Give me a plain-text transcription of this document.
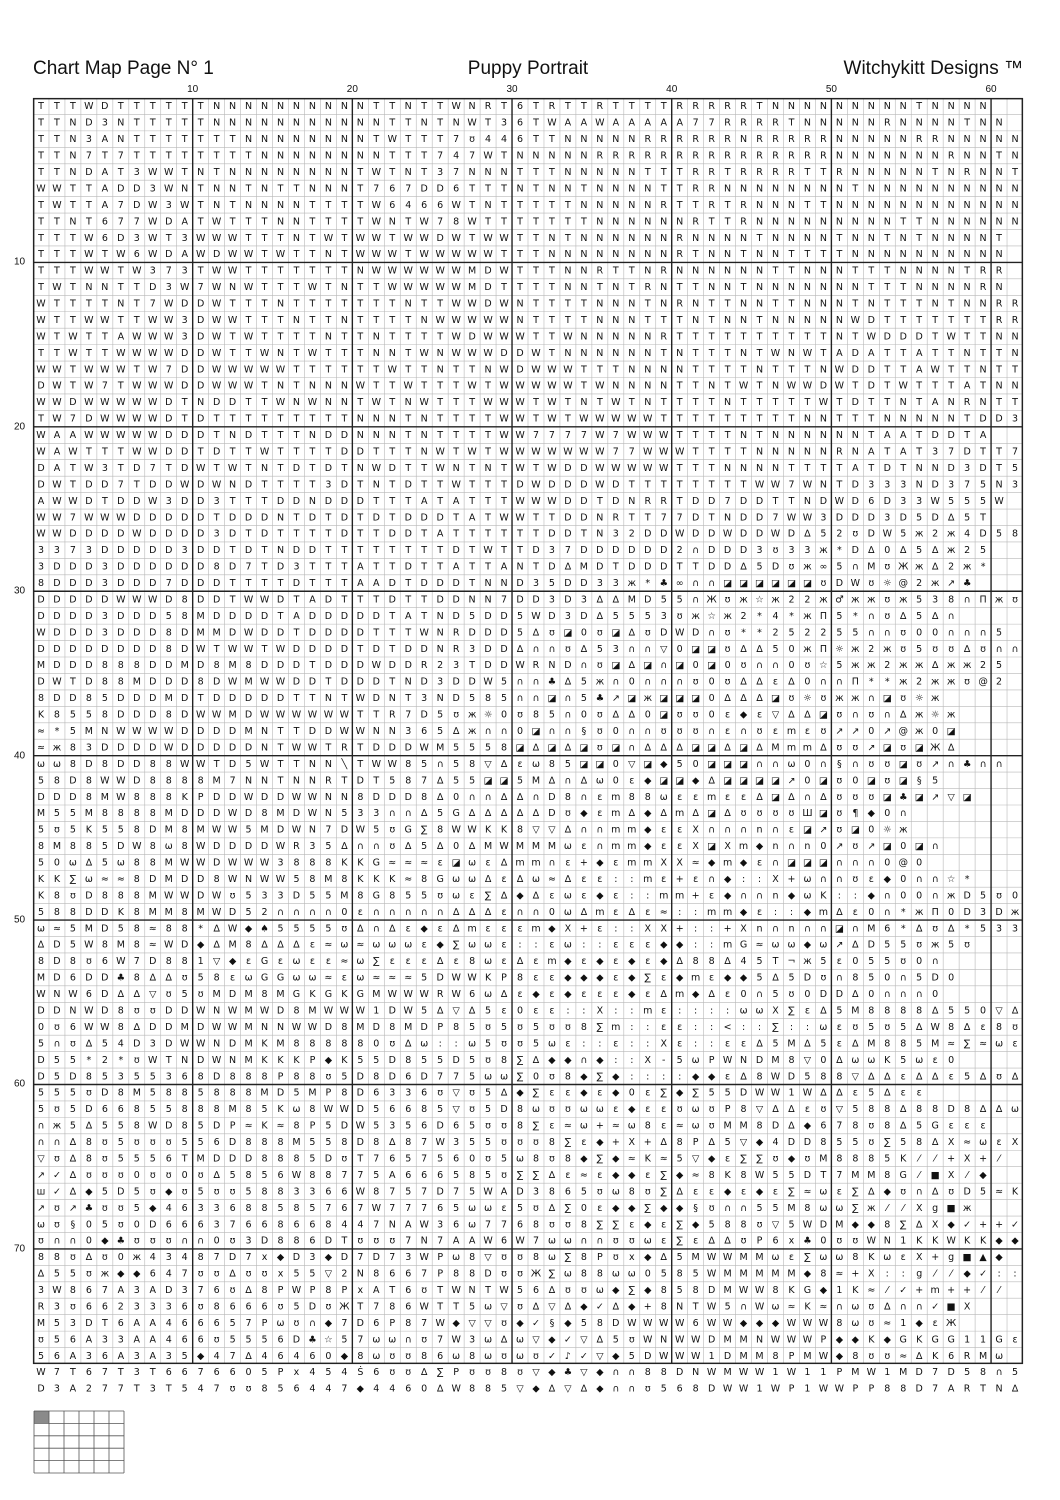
Chart Map Page N° 1	Puppy Portrait	Witchykitt Designs ™
10	20	30	40	50	60
10
20
30
40
50
60
70
T T T W D T T T T T T N N N N N N N N N N T T N T T W N R T 6 T R T T R T T T T R R R R R T N N N N N N N N N T N N N N
T T N D 3 N T T T T T N N N N N N N N N N N T T N T N W T 3 6 T W A A W A A A A A 7 7 R R R R T N N N N N R N N N N T N N
T T N 3 A N T T T T T T T N N N N N N N N T W T T T 7 ʊ 4 4 6 T T N N N N N R R R R R R N R R R R R N N N N N R R N N N N N
T T N 7 T 7 T T T T T T T T N N N N N N N N T T T 7 4 7 W T N N N N N R R R R R R R R R R R R R R R N N N N N N N R N N T N
T T N D A T 3 W W T N T N N N N N N N N T W T N T 3 7 N N N T T T N N N N N T T T R R T R R R R T T R N N N N N T N R N N T
W W T T A D D 3 W N T N N T N T T N N N T 7 6 7 D D 6 T T T N T N N T N N N N T T R R N N N N N N N N T N N N N N N N N N N
T W T T A 7 D W 3 W T N T N N N N T T T T W 6 4 6 6 W T N T T T T T N N N N N R T T R T R N N N T T N N N N N N N N N N N N
T T N T 6 7 7 W D A T W T T T N N T T T T W N T W 7 8 W T T T T T T T N N N N N N R T T R N N N N N N N N N T T N N N N N N
T T T W 6 D 3 W T 3 W W W T T T N T W T W W T W W D W T W W T T N T N N N N N N R N N N N T N N N N T N N T N T N N N N T
T T T W T W 6 W D A W D W W T W T T N T W W W T W W W W W T T T N N N N N N N N R T N N T N N T T T T N N N N N N N N N N
T T T W W T W 3 7 3 T W W T T T T T T T N W W W W W W M D W T T T N N R T T N R N N N N N N T T N N N T T T N N N N T R R
T W T N N T T D 3 W 7 W N W T T T W T N T T W W W W W M D T T T T N N T N T R N T T N N T N N N N N N N T T T N N N N R N
W T T T T N T 7 W D D W T T T N T T T T T T T N T T W W D W N T T T T N N N T N R N T T N N T T N N N T N T T T N T N N R R
W T T W W T T W W 3 D W W T T T N T T N T T T T N W W W W W N T T T T N N N T T T N T N N T N N N N N W D T T T T T T T R R
W T W T T A W W W 3 D W T W T T T T N T T N T T T T W D W W W T T W N N N N N R T T T T T T T T T T N T W D D D T W T T N N
T T W T T W W W W D D W T T W N T W T T T N N T W N W W W D D W T N N N N N N T N T T T N T W N W T A D A T T A T T N T T N
W W T W W W T W 7 D D W W W W W T T T T T T W T T N T T N W D W W W T T T N N N N T T T T N T T T N W D D T T A W T T N T T
D W T W 7 T W W W D D W W W T N T N N N W T T W T T T W T W W W W W T W N N N N T T N T W T N W W D W T D T W T T T A T N N
W W D W W W W W D T N D D T T W N W N N T W T N W T T T W W W T W T N T W T N T T T T N T T T T T W T D T T N T A N R N T T
T W 7 D W W W W D T D T T T T T T T T T N N N T N T T T T W W T W T W W W W W T T T T T T T T T N N T T T N N N N N T D D 3
W A A W W W W W D D D T N D T T T N D D N N N T N T T T T W W 7 7 7 7 W 7 W W W T T T T N T N N N N N N T A A T D D T A
W A W T T T W W D D T D T T W T T T T D D T T T N W T W T W W W W W W W 7 7 W W W T T T T N N N N N R N A T A T 3 7 D T T 7
D A T W 3 T D 7 T D W T W T N T D T D T N W D T T W N T N T W T W D D W W W W W T T T N N N N T T T T A T D T N N D 3 D T 5
D W T D D 7 T D D W D W N D T T T T 3 D T N T D T T W T T T D W D D D W D T T T T T T T T W W 7 W N T D 3 3 3 N D 3 7 5 N 3
A W W D T D D W 3 D D 3 T T T D D N D D D T T T A T A T T T W W W D D T D N R R T D D 7 D D T T N D W D 6 D 3 3 W 5 5 5 W
W W 7 W W W D D D D D T D D D N T D T D T D T D D D T A T W W T T D D N R T T 7 7 D T N D D 7 W W 3 D D D 3 D 5 D ∆ 5 T
W W D D D D W D D D D 3 D T D T T T T D T T D D T A T T T T T T D D T N 3 2 D D W D D W D D W D ∆ 5 2 ʊ D W 5 ж 2 ж 4 D 5 8
3 3 7 3 D D D D D 3 D D T D T N D D T T T T T T T T D T W T T D 3 7 D D D D D D 2 ∩ D D D 3 ʊ 3 3 ж * D ∆ 0 ∆ 5 ∆ ж 2 5
3 D D D 3 D D D D D D 8 D 7 T D 3 T T T A T T D T T A T T A N T D ∆ M D T D D D T T D D ∆ 5 D ʊ ж ∞ 5 ∩ M ʊ Ж ж ∆ 2 ж *
8 D D D 3 D D D 7 D D D T T T T D T T T A A D T D D D T N N D 3 5 D D 3 3 ж * ♣ ∞ ∩ ∩ ◪ ◪ ◪ ◪ ◪ ◪ ʊ D W ʊ ☼ @ 2 ж ↗ ♣
D D D D D W W W D 8 D D T W W D T A D T T T D T T D D N N 7 D D 3 D 3 ∆ ∆ M D 5 5 ∩ Ж ʊ ж ☆ ж 2 2 ж ♂ ж ж ʊ ж 5 3 8 ∩ П ж ʊ
D D D D 3 D D D 5 8 M D D D D T A D D D D D T A T N D 5 D D 5 W D 3 D ∆ 5 5 5 3 ʊ ж ☆ ж 2 * 4 * ж П 5 * ∩ ʊ ∆ 5 ∆ ∩
W D D D 3 D D D 8 D M M D W D D T D D D D T T T W N R D D D 5 ∆ ʊ ◪ 0 ʊ ◪ ∆ ʊ D W D ∩ ʊ * * 2 5 2 2 5 5 ∩ ∩ ʊ 0 0 ∩ ∩ ∩ 5
D D D D D D D D 8 D W T W W T W D D D D T D T D D N R 3 D D ∆ ∩ ∩ ʊ ∆ 5 3 ∩ ∩ ▽ 0 ◪ ◪ ʊ ∆ ∆ 5 0 ж П ☼ ж 2 ж ʊ 5 ʊ ʊ ∆ ʊ ∩ ∩
M D D D 8 8 8 D D M D 8 M 8 D D D T D D D W D D R 2 3 T D D W R N D ∩ ʊ ◪ ∆ ◪ ∩ ◪ 0 ◪ 0 ʊ ∩ ∩ 0 ʊ ☆ 5 ж ж 2 ж ж ∆ ж ж 2 5
D W T D 8 8 M D D D 8 D W M W W D D T D D D T N D 3 D D W 5 ∩ ∩ ♣ ∆ 5 ж ∩ 0 ∩ ∩ ∩ ʊ 0 ʊ ∆ ∆ ε ∆ 0 ∩ ∩ П * * ж 2 ж ж ʊ @ 2
8 D D 8 5 D D D M D T D D D D D T T N T W D N T 3 N D 5 8 5 ∩ ∩ ◪ ∩ 5 ♣ ↗ ◪ ж ◪ ◪ ◪ 0 ∆ ∆ ∆ ◪ ʊ ☼ ʊ ж ж ∩ ◪ ʊ ☼ ж
K 8 5 5 8 D D D 8 D W W M D W W W W W W T T R 7 D 5 ʊ ж ☼ 0 ʊ 8 5 ∩ 0 ʊ ∆ ∆ 0 ◪ ʊ ʊ 0 ε ◆ ε ▽ ∆ ∆ ◪ ʊ ∩ ʊ ∩ ∆ ж ☼ ж
≈ * 5 M N W W W W D D D D M N T T D D W W N N 3 6 5 ∆ ж ∩ ∩ 0 ◪ ∩ ∩ § ʊ 0 ∩ ∩ ʊ ʊ ʊ ∩ ε ∩ ʊ ε m ε ʊ ↗ ↗ 0 ↗ @ ж 0 ◪
≈ ж 8 3 D D D D W D D D D D N T W W T R T D D D W M 5 5 5 8 ◪ ∆ ◪ ∆ ◪ ʊ ◪ ∩ ∆ ∆ ∆ ◪ ◪ ∆ ◪ ∆ M m m ∆ ʊ ʊ ↗ ◪ ʊ ◪ Ж ∆
ω ω 8 D 8 D D 8 8 W W T D 5 W T T N N ╲ T W W 8 5 ∩ 5 8 ▽ ∆ ε ω 8 5 ◪ ◪ 0 ▽ ◪ ◆ 5 0 ◪ ◪ ◪ ∩ ∩ ω 0 ∩ § ∩ ʊ ʊ ◪ ʊ ↗ ∩ ♣ ∩ ∩
5 8 D 8 W W D 8 8 8 8 M 7 N N T N N R T D T 5 8 7 ∆ 5 5 ◪ ◪ 5 M ∆ ∩ ∆ ω 0 ε ◆ ◪ ◪ ◆ ∆ ◪ ◪ ◪ ◪ ↗ 0 ◪ ʊ 0 ◪ ʊ ◪ § 5
D D D 8 M W 8 8 8 K P D D W D D W W N N 8 D D D 8 ∆ 0 ∩ ∩ ∆ ∆ ∩ D 8 ∩ ε m 8 8 ω ε ε m ε ε ∆ ◪ ∆ ∩ ∆ ʊ ʊ ʊ ◪ ♣ ◪ ↗ ▽ ◪
M 5 5 M 8 8 8 8 M D D D W D 8 M D W N 5 3 3 ∩ ∩ ∆ 5 G ∆ ∆ ∆ ∆ ∆ D ʊ ◆ ε m ∆ ◆ ∆ m ∆ ◪ ∆ ʊ ʊ ʊ ʊ Ш ◪ ʊ ¶ ◆ 0 ∩
5 ʊ 5 K 5 5 8 D M 8 M W W 5 M D W N 7 D W 5 ʊ G ∑ 8 W W K K 8 ▽ ▽ ∆ ∩ ∩ m m ◆ ε ε X ∩ ∩ ∩ n ∩ ε ◪ ↗ ʊ ◪ 0 ☼ ж
8 M 8 8 5 D W 8 ω 8 W D D D D W R 3 5 ∆ ∩ ∩ ʊ ∆ 5 ∆ 0 ∆ M W M M M ω ε ∩ m m ◆ ε ε X ◪ X m ◆ n ∩ n 0 ↗ ʊ ↗ ◪ 0 ◪ ∩
5 0 ω ∆ 5 ω 8 8 M W W D W W W 3 8 8 8 K K G ≈ ≈ ≈ ε ◪ ω ε ∆ m m ∩ ε + ◆ ε m m X X ≈ ◆ m ◆ ε ∩ ◪ ◪ ◪ ∩ ∩ ∩ 0 @ 0
K K ∑ ω ≈ ≈ 8 D M D D 8 W N W W 5 8 M 8 K K K ≈ 8 G ω ω Δ ε ∆ ω ≈ ∆ ε ε : : m ε + ε ∩ ◆ : : X + ω ∩ ∩ ʊ ε ◆ 0 ∩ ∩ ☆ *
K 8 ʊ D 8 8 8 M W W D W ʊ 5 3 3 D 5 5 M 8 G 8 5 5 ʊ ω ε ∑ ∆ ◆ ∆ ε ω ε ◆ ε : : m m + ε ◆ ∩ ∩ n ◆ ω K : : ◆ ∩ 0 0 ∩ ж D 5 ʊ 0
5 8 8 D D K 8 M M 8 M W D 5 2 ∩ ∩ ∩ ∩ 0 ε ∩ ∩ ∩ ∩ ∩ ∆ ∆ ∆ ε ∩ ∩ 0 ω ∆ m ε ∆ ε ≈ : : m m ◆ ε : : ◆ m ∆ ε 0 ∩ * ж П 0 D 3 D ж
ω ≈ 5 M D 5 8 ≈ 8 8 * ∆ W ◆ ♠ 5 5 5 5 ʊ ∆ ∩ ∆ ε ◆ ε ∆ m ε ε ε m ◆ X + ε : : X X + : : + X n ∩ n ∩ ∩ ◪ ∩ M 6 * ∆ ʊ ∆ * 5 3 3
∆ D 5 W 8 M 8 ≈ W D ◆ ∆ M 8 ∆ ∆ ∆ ε ≈ ω ≈ ω ω ω ε ◆ ∑ ω ω ε : : ε ω : : ε ε ε ◆ ◆ : : m G ≈ ω ω ◆ ω ↗ ∆ D 5 5 ʊ ж 5 ʊ
8 D 8 ʊ 6 W 7 D 8 8 1 ▽ ◆ ε G ε ω ε ε ≈ ω ∑ ε ε ε ∆ ε 8 ω ε ∆ ε m ◆ ε ◆ ε ◆ ε ◆ ∆ 8 8 ∆ 4 5 Т ¬ ж 5 ε 0 5 5 ʊ 0 ∩
M D 6 D D ♣ 8 ∆ ∆ ʊ 5 8 ε ω G G ω ω ≈ ε ω ≈ ≈ ≈ 5 D W W K P 8 ε ε ◆ ◆ ◆ ε ◆ ∑ ε ◆ m ε ◆ ◆ 5 ∆ 5 D ʊ ∩ 8 5 0 ∩ 5 D 0
W N W 6 D ∆ ∆ ▽ ʊ 5 ʊ M D M 8 M G K G K G M W W W R W 6 ω ∆ ε ◆ ε ◆ ε ε ε ◆ ε ∆ m ◆ ∆ ε 0 ∩ 5 ʊ 0 D D ∆ 0 ∩ ∩ ∩ 0
D D N W D 8 ʊ ʊ D D W N W M W D 8 M W W W 1 D W 5 ∆ ▽ ∆ 5 ε 0 ε ε : : X : : m ε : : : : ω ω X ∑ ε ∆ 5 M 8 8 8 8 ∆ 5 5 0 ▽ ∆
0 ʊ 6 W W 8 ∆ D D M D W W M N N W W D 8 M D 8 M D P 8 5 ʊ 5 ʊ 5 ʊ ʊ 8 ∑ m : : ε ε : : < : : ∑ : : ω ε ʊ 5 ʊ 5 ∆ W 8 ∆ ε 8 ʊ
5 ∩ ʊ ∆ 5 4 D 3 D W W N D M K M 8 8 8 8 8 0 ʊ ∆ ω : : ω 5 ʊ ʊ 5 ω ε : : ε : : X ε : : ε ε ∆ 5 M ∆ 5 ε ∆ M 8 8 5 M ≈ ∑ ≈ ω ε
D 5 5 * 2 * ʊ W T N D W N M K K K P ◆ K 5 5 D 8 5 5 D 5 ʊ 8 ∑ ∆ ◆ ◆ ∩ ◆ : : X - 5 ω P W N D M 8 ▽ 0 ∆ ω ω K 5 ω ε 0
D 5 D 8 5 3 5 5 3 6 8 D 8 8 8 P 8 8 ʊ 5 D 8 D 6 D 7 7 5 ω ω ∑ 0 ʊ 8 ◆ ∑ ◆ : : : : ◆ ◆ ε ∆ 8 W D 5 8 8 ▽ ∆ ∆ ε ∆ ∆ ε 5 ∆ ʊ ∆
5 5 5 ʊ D 8 M 5 8 8 5 8 8 8 M D 5 M P 8 D 6 3 3 6 ʊ ▽ ʊ 5 ∆ ◆ ∑ ε ε ◆ ε ◆ 0 ε ∑ ◆ ∑ 5 5 D W W 1 W ∆ ∆ ε 5 ∆ ε ε
5 ʊ 5 D 6 6 8 5 5 8 8 8 M 8 5 K ω 8 W W D 5 6 6 8 5 ▽ ʊ 5 D 8 ω ʊ ʊ ω ω ε ◆ ε ε ʊ ω ʊ P 8 ▽ ∆ ∆ ε ʊ ▽ 5 8 8 ∆ 8 8 D 8 ∆ ∆ ω
∩ ж 5 ∆ 5 5 8 W D 8 5 D P ≈ K ≈ 8 P 5 D W 5 3 5 6 D 6 5 ʊ ʊ 8 ∑ ε ≈ ω + ≈ ω 8 ε ≈ ω ʊ M M 8 D ∆ ◆ 6 7 8 ʊ 8 ∆ 5 G ε ε ε
∩ ∩ ∆ 8 ʊ 5 ʊ ʊ ʊ 5 5 6 D 8 8 8 M 5 5 8 D 8 ∆ 8 7 W 3 5 5 ʊ ʊ ʊ 8 ∑ ε ◆ + X + ∆ 8 P ∆ 5 ▽ ◆ 4 D D 8 5 5 ʊ ∑ 5 8 ∆ X ≈ ω ε X
▽ ʊ ∆ 8 ʊ 5 5 5 6 T M D D D 8 8 8 5 D ʊ T 7 6 5 7 5 6 0 ʊ 5 ω 8 ʊ 8 ◆ ∑ ◆ ≈ K ≈ 5 ▽ ◆ ε ∑ ∑ ʊ ◆ ʊ M 8 8 8 5 K ⁄ ⁄ + X + ⁄
↗ ✓ ∆ ʊ ʊ ʊ 0 ʊ ʊ 0 ʊ ∆ 5 8 5 6 W 8 8 7 7 5 A 6 6 6 5 8 5 ʊ ∑ ∑ ∆ ε ≈ ε ◆ ◆ ε ∑ ◆ ≈ 8 K 8 W 5 5 D T 7 M M 8 G ⁄ ■ X ⁄ ◆
ш ✓ ∆ ◆ 5 D 5 ʊ ◆ ʊ 5 ʊ ʊ 5 8 8 3 3 6 6 W 8 7 5 7 D 7 5 W A D 3 8 6 5 ʊ ω 8 ʊ ∑ ∆ ε ε ◆ ε ◆ ε ∑ ≈ ω ε ∑ ∆ ◆ ʊ ∩ ∆ ʊ D 5 ≈ K
↗ ʊ ↗ ♣ ʊ ʊ 5 ◆ 4 6 3 3 6 8 8 5 8 5 7 6 7 W 7 7 7 6 5 ω ω ε 5 ʊ ∆ ∑ 0 ε ◆ ◆ ∑ ◆ ◆ § ʊ ∩ ∩ 5 5 M 8 ω ω ∑ ж ⁄ ⁄ X g ■ ж
ω ʊ § 0 5 ʊ 0 D 6 6 6 3 7 6 6 8 6 6 8 4 4 7 N A W 3 6 ω 7 7 6 8 ʊ ʊ 8 ∑ ∑ ε ◆ ε ∑ ◆ 5 8 8 ʊ ▽ 5 W D M ◆ ◆ 8 ∑ ∆ X ◆ ✓ + + ✓
ʊ ∩ ∩ 0 ◆ ♣ ʊ ʊ ʊ ∩ ∩ 0 ʊ 3 D 8 8 6 D T ʊ ʊ ʊ 7 N 7 A A W 6 W 7 ω ω ∩ ∩ ʊ ʊ ω ε ∑ ε ∆ ∆ ʊ P 6 x ♣ 0 ʊ ʊ W N 1 K K W K K ◆ ◆
8 8 ʊ ∆ ʊ 0 ж 4 3 4 8 7 D 7 x ◆ D 3 ◆ D 7 D 7 3 W P ω 8 ▽ ʊ ʊ 8 ω ∑ 8 P ʊ x ◆ ∆ 5 M W W M M ω ε ∑ ω ω 8 K ω ε X + g ■ ▲ ◆
∆ 5 5 ʊ ж ◆ ◆ 6 4 7 ʊ ʊ ∆ ʊ ʊ x 5 5 ▽ 2 N 8 6 6 7 P 8 8 D ʊ ʊ Ж ∑ ω 8 8 ω ω 0 5 8 5 W M M M M M ◆ 8 ≈ + X : : g ⁄ ⁄ ◆ ✓ : :
3 W 8 6 7 A 3 A D 3 7 6 ʊ ∆ 8 P W P 8 P x A T 6 ʊ T W N T W 5 6 ∆ ʊ ʊ ω ◆ ∑ ◆ 8 5 8 D M W W 8 K G ◆ 1 K ≈ ⁄ ✓ + m + + ⁄ ⁄
R 3 ʊ 6 6 2 3 3 3 6 ʊ 8 6 6 6 ʊ 5 D ʊ Ж T 7 8 6 W T T 5 ω ▽ ʊ ∆ ▽ ∆ ◆ ✓ ∆ ◆ + 8 N T W 5 ∩ W ω ≈ K ≈ ∩ ω ʊ ∆ ∩ ∩ ✓ ■ X
M 5 3 D T 6 A A 4 6 6 6 5 7 P ω ʊ ∩ ◆ 7 D 6 P 8 7 W ◆ ▽ ▽ ʊ ◆ ✓ § ◆ 5 8 D W W W W 6 W W ◆ ◆ ◆ W W W 8 ω ʊ ≈ 1 ◆ ε Ж
ʊ 5 6 A 3 3 A A 4 6 6 ʊ 5 5 5 6 D ♣ ☆ 5 7 ω ω ∩ ʊ 7 W 3 ω ∆ ω ▽ ◆ ✓ ▽ ∆ 5 ʊ W N W W D M M N W W W P ◆ ◆ K ◆ G K G G 1 1 G ε
5 6 A 3 6 A 3 A 3 5 ◆ 4 7 ∆ 4 6 4 6 0 ◆ 8 ω ʊ ʊ 8 6 ω 8 ω ʊ ω ʊ ✓ ♪ ✓ ▽ ◆ 5 D W W W 1 D M M 8 P M W ◆ 8 ʊ ʊ ≈ ∆ K 6 R M ω
W 7 T 6 7 T 3 T 6 6 7 6 6 0 5 P x 4 5 4 Ṡ 6 ʊ ʊ ∆ ∑ P ʊ ʊ 8 ʊ ▽ ◆ ♣ ▽ ◆ ∩ ∩ 8 8 D N W M W W 1 W 1 1 P M W 1 M D 7 D 5 8 ∩ 5
D 3 A 2 7 7 T 3 T 5 4 7 ʊ ʊ 8 5 6 4 4 7 ◆ 4 4 6 0 ∆ W 8 8 5 ▽ ◆ ∆ ▽ ∆ ◆ ∩ ∩ ʊ 5 6 8 D W W 1 W P 1 W W P P 8 8 D 7 A R T N ∆
